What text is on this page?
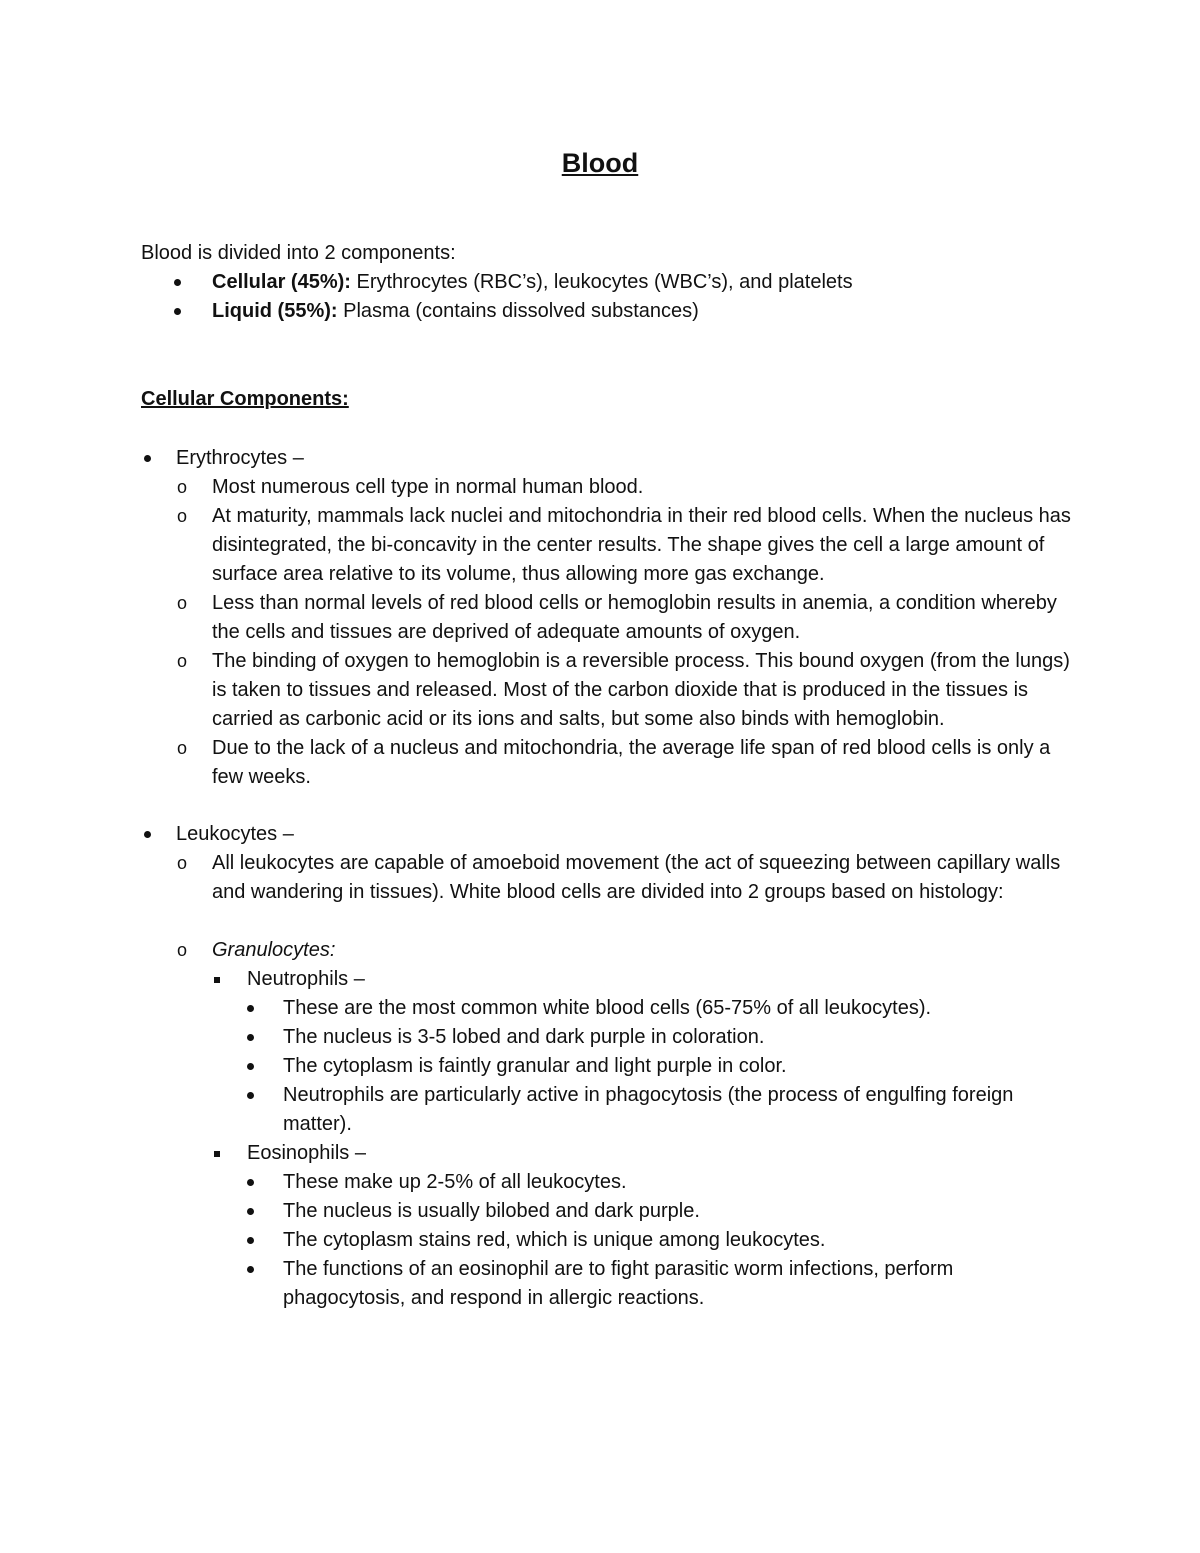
Blood
Blood is divided into 2 components:
Cellular (45%): Erythrocytes (RBC’s), leukocytes (WBC’s), and platelets
Liquid (55%): Plasma (contains dissolved substances)
Cellular Components:
Erythrocytes –
o Most numerous cell type in normal human blood.
o At maturity, mammals lack nuclei and mitochondria in their red blood cells. When the nucleus has disintegrated, the bi-concavity in the center results. The shape gives the cell a large amount of surface area relative to its volume, thus allowing more gas exchange.
o Less than normal levels of red blood cells or hemoglobin results in anemia, a condition whereby the cells and tissues are deprived of adequate amounts of oxygen.
o The binding of oxygen to hemoglobin is a reversible process. This bound oxygen (from the lungs) is taken to tissues and released. Most of the carbon dioxide that is produced in the tissues is carried as carbonic acid or its ions and salts, but some also binds with hemoglobin.
o Due to the lack of a nucleus and mitochondria, the average life span of red blood cells is only a few weeks.
Leukocytes –
o All leukocytes are capable of amoeboid movement (the act of squeezing between capillary walls and wandering in tissues). White blood cells are divided into 2 groups based on histology:
o Granulocytes:
Neutrophils –
These are the most common white blood cells (65-75% of all leukocytes).
The nucleus is 3-5 lobed and dark purple in coloration.
The cytoplasm is faintly granular and light purple in color.
Neutrophils are particularly active in phagocytosis (the process of engulfing foreign matter).
Eosinophils –
These make up 2-5% of all leukocytes.
The nucleus is usually bilobed and dark purple.
The cytoplasm stains red, which is unique among leukocytes.
The functions of an eosinophil are to fight parasitic worm infections, perform phagocytosis, and respond in allergic reactions.
